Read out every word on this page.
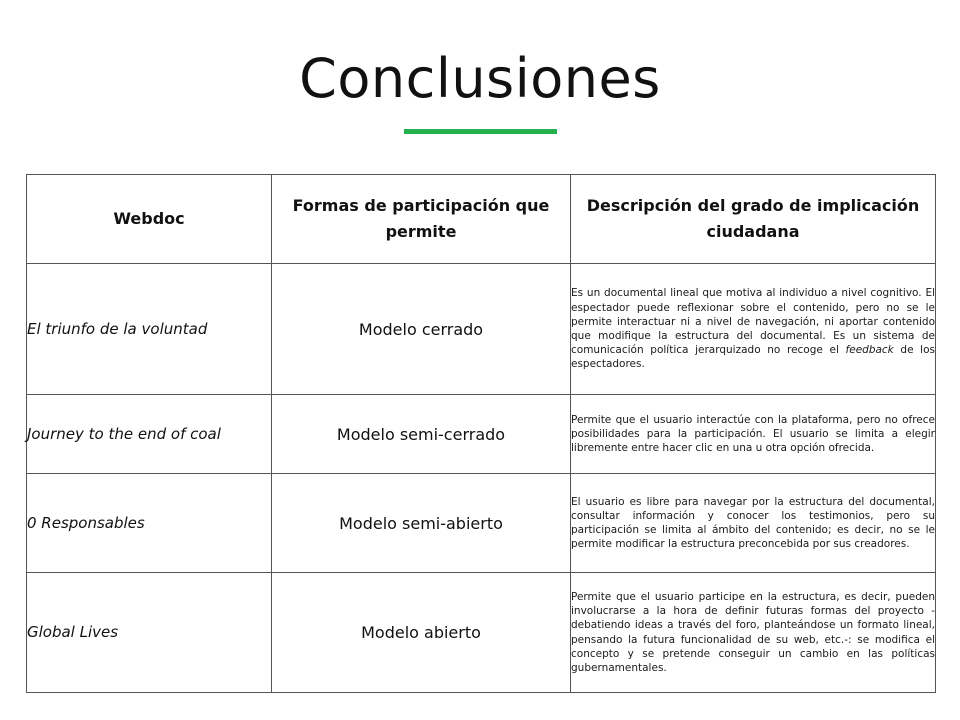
Conclusiones
Webdoc	Formas de participación que permite	Descripción del grado de implicación ciudadana

El triunfo de la voluntad	Modelo cerrado	Es un documental lineal que motiva al individuo a nivel cognitivo. El espectador puede reflexionar sobre el contenido, pero no se le permite interactuar ni a nivel de navegación, ni aportar contenido que modifique la estructura del documental. Es un sistema de comunicación política jerarquizado no recoge el feedback de los espectadores.
Journey to the end of coal	Modelo semi-cerrado	Permite que el usuario interactúe con la plataforma, pero no ofrece posibilidades para la participación. El usuario se limita a elegir libremente entre hacer clic en una u otra opción ofrecida.
0 Responsables	Modelo semi-abierto	El usuario es libre para navegar por la estructura del documental, consultar información y conocer los testimonios, pero su participación se limita al ámbito del contenido; es decir, no se le permite modificar la estructura preconcebida por sus creadores.
Global Lives	Modelo abierto	Permite que el usuario participe en la estructura, es decir, pueden involucrarse a la hora de definir futuras formas del proyecto -debatiendo ideas a través del foro, planteándose un formato lineal, pensando la futura funcionalidad de su web, etc.-: se modifica el concepto y se pretende conseguir un cambio en las políticas gubernamentales.
